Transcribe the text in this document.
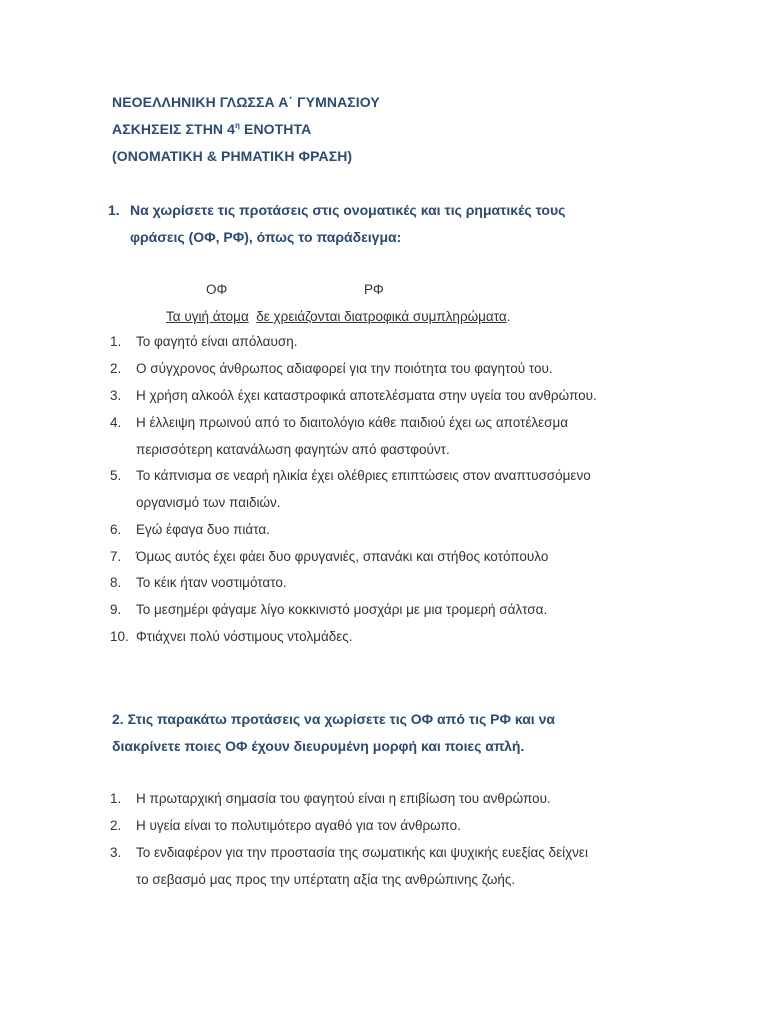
ΝΕΟΕΛΛΗΝΙΚΗ ΓΛΩΣΣΑ Α΄ ΓΥΜΝΑΣΙΟΥ
ΑΣΚΗΣΕΙΣ ΣΤΗΝ $4^\eta$ ΕΝΟΤΗΤΑ
(ΟΝΟΜΑΤΙΚΗ & ΡΗΜΑΤΙΚΗ ΦΡΑΣΗ)
1. Να χωρίσετε τις προτάσεις στις ονοματικές και τις ρηματικές τους
φράσεις (ΟΦ, ΡΦ), όπως το παράδειγμα:
ΟΦ	ΡΦ
Τα υγιή άτομα δε χρειάζονται διατροφικά συμπληρώματα.
1. Το φαγητό είναι απόλαυση.
2. Ο σύγχρονος άνθρωπος αδιαφορεί για την ποιότητα του φαγητού του.
3. Η χρήση αλκοόλ έχει καταστροφικά αποτελέσματα στην υγεία του ανθρώπου.
4. Η έλλειψη πρωινού από το διαιτολόγιο κάθε παιδιού έχει ως αποτέλεσμα
περισσότερη κατανάλωση φαγητών από φαστφούντ.
5. Το κάπνισμα σε νεαρή ηλικία έχει ολέθριες επιπτώσεις στον αναπτυσσόμενο
οργανισμό των παιδιών.
6. Εγώ έφαγα δυο πιάτα.
7. Όμως αυτός έχει φάει δυο φρυγανιές, σπανάκι και στήθος κοτόπουλο
8. Το κέικ ήταν νοστιμότατο.
9. Το μεσημέρι φάγαμε λίγο κοκκινιστό μοσχάρι με μια τρομερή σάλτσα.
10. Φτιάχνει πολύ νόστιμους ντολμάδες.
2. Στις παρακάτω προτάσεις να χωρίσετε τις ΟΦ από τις ΡΦ και να
διακρίνετε ποιες ΟΦ έχουν διευρυμένη μορφή και ποιες απλή.
1. Η πρωταρχική σημασία του φαγητού είναι η επιβίωση του ανθρώπου.
2. Η υγεία είναι το πολυτιμότερο αγαθό για τον άνθρωπο.
3. Το ενδιαφέρον για την προστασία της σωματικής και ψυχικής ευεξίας δείχνει
το σεβασμό μας προς την υπέρτατη αξία της ανθρώπινης ζωής.
